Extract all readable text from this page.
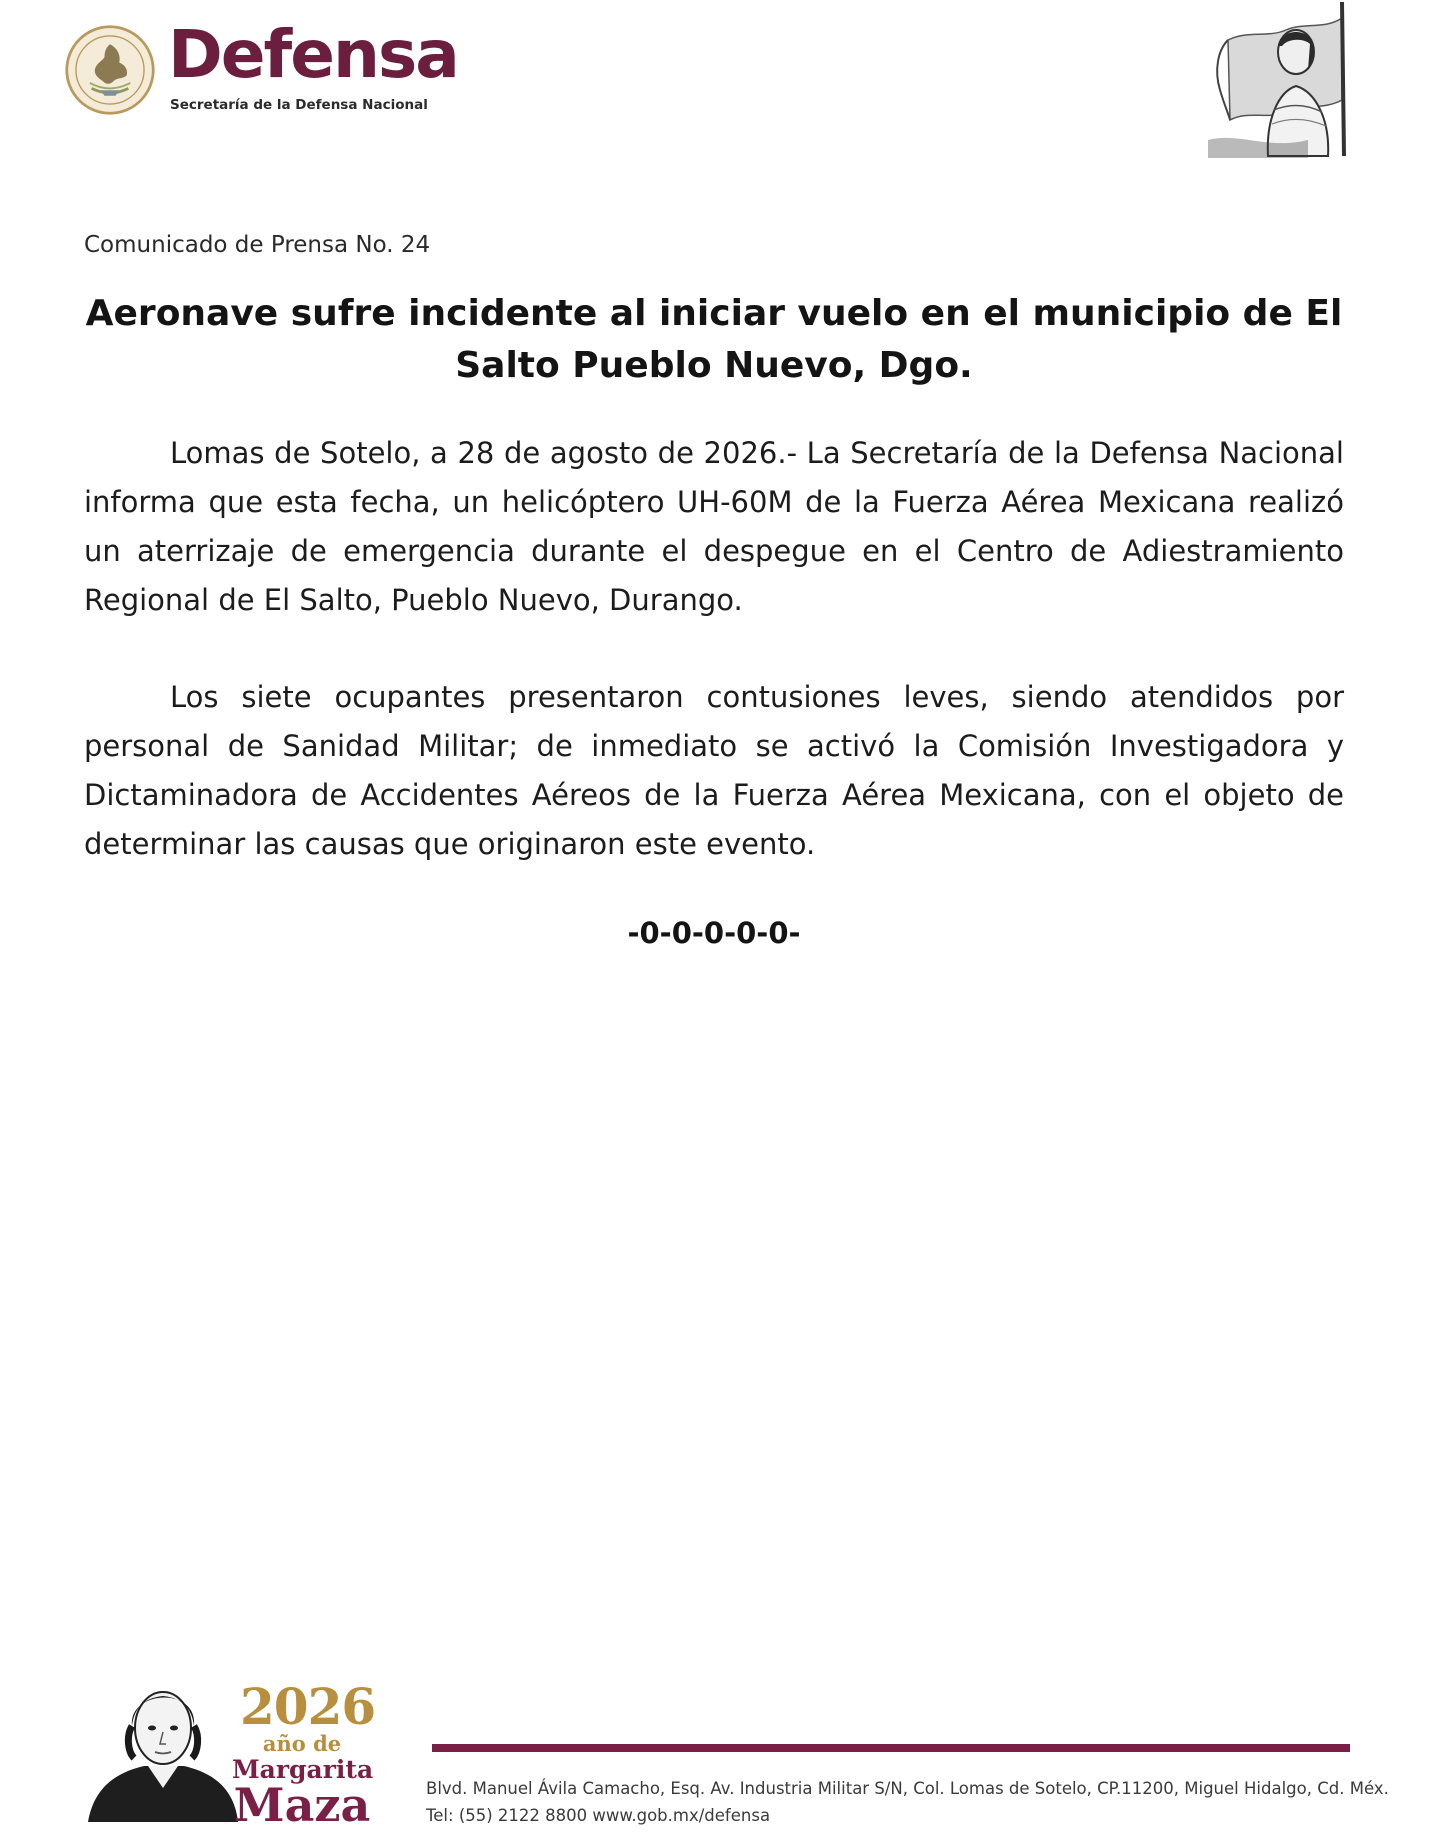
Defensa
Secretaría de la Defensa Nacional
Comunicado de Prensa No. 24
Aeronave sufre incidente al iniciar vuelo en el municipio de El Salto Pueblo Nuevo, Dgo.

Lomas de Sotelo, a 28 de agosto de 2026.- La Secretaría de la Defensa Nacional informa que esta fecha, un helicóptero UH-60M de la Fuerza Aérea Mexicana realizó un aterrizaje de emergencia durante el despegue en el Centro de Adiestramiento Regional de El Salto, Pueblo Nuevo, Durango.

Los siete ocupantes presentaron contusiones leves, siendo atendidos por personal de Sanidad Militar; de inmediato se activó la Comisión Investigadora y Dictaminadora de Accidentes Aéreos de la Fuerza Aérea Mexicana, con el objeto de determinar las causas que originaron este evento.

-0-0-0-0-0-
2026
año de
Margarita
Maza	Blvd. Manuel Ávila Camacho, Esq. Av. Industria Militar S/N, Col. Lomas de Sotelo, CP.11200, Miguel Hidalgo, Cd. Méx.
Tel: (55) 2122 8800 www.gob.mx/defensa
